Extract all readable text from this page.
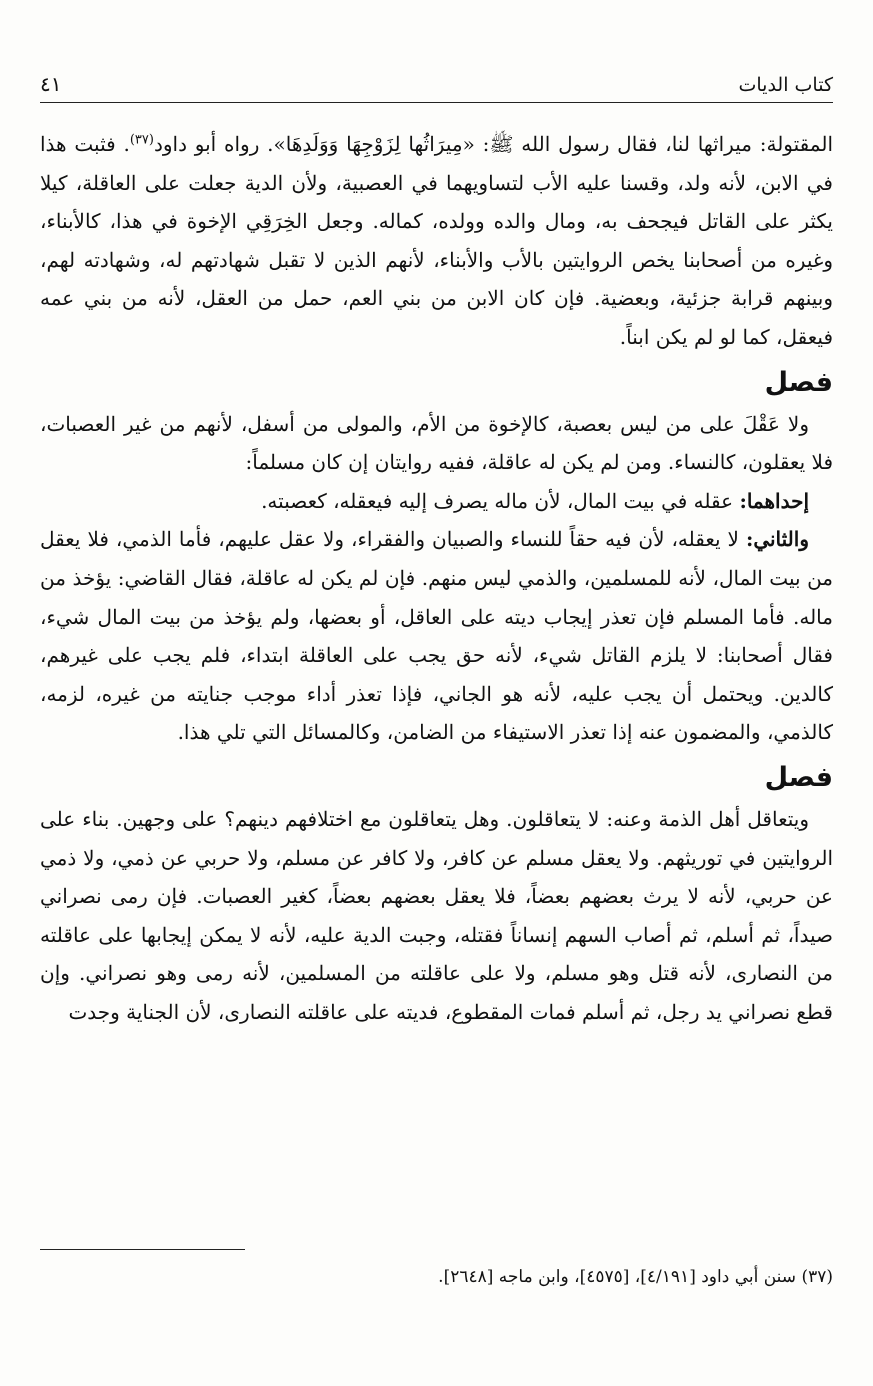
كتاب الديات
٤١

المقتولة: ميراثها لنا، فقال رسول الله ﷺ: «مِيرَاثُها لِزَوْجِهَا وَوَلَدِهَا». رواه أبو داود$^{(٣٧)}$. فثبت هذا في الابن، لأنه ولد، وقسنا عليه الأب لتساويهما في العصبية، ولأن الدية جعلت على العاقلة، كيلا يكثر على القاتل فيجحف به، ومال والده وولده، كماله. وجعل الخِرَقِي الإخوة في هذا، كالأبناء، وغيره من أصحابنا يخص الروايتين بالأب والأبناء، لأنهم الذين لا تقبل شهادتهم له، وشهادته لهم، وبينهم قرابة جزئية، وبعضية. فإن كان الابن من بني العم، حمل من العقل، لأنه من بني عمه فيعقل، كما لو لم يكن ابناً.

فصل

ولا عَقْلَ على من ليس بعصبة، كالإخوة من الأم، والمولى من أسفل، لأنهم من غير العصبات، فلا يعقلون، كالنساء. ومن لم يكن له عاقلة، ففيه روايتان إن كان مسلماً:

إحداهما: عقله في بيت المال، لأن ماله يصرف إليه فيعقله، كعصبته.

والثاني: لا يعقله، لأن فيه حقاً للنساء والصبيان والفقراء، ولا عقل عليهم، فأما الذمي، فلا يعقل من بيت المال، لأنه للمسلمين، والذمي ليس منهم. فإن لم يكن له عاقلة، فقال القاضي: يؤخذ من ماله. فأما المسلم فإن تعذر إيجاب ديته على العاقل، أو بعضها، ولم يؤخذ من بيت المال شيء، فقال أصحابنا: لا يلزم القاتل شيء، لأنه حق يجب على العاقلة ابتداء، فلم يجب على غيرهم، كالدين. ويحتمل أن يجب عليه، لأنه هو الجاني، فإذا تعذر أداء موجب جنايته من غيره، لزمه، كالذمي، والمضمون عنه إذا تعذر الاستيفاء من الضامن، وكالمسائل التي تلي هذا.

فصل

ويتعاقل أهل الذمة وعنه: لا يتعاقلون. وهل يتعاقلون مع اختلافهم دينهم؟ على وجهين. بناء على الروايتين في توريثهم. ولا يعقل مسلم عن كافر، ولا كافر عن مسلم، ولا حربي عن ذمي، ولا ذمي عن حربي، لأنه لا يرث بعضهم بعضاً، فلا يعقل بعضهم بعضاً، كغير العصبات. فإن رمى نصراني صيداً، ثم أسلم، ثم أصاب السهم إنساناً فقتله، وجبت الدية عليه، لأنه لا يمكن إيجابها على عاقلته من النصارى، لأنه قتل وهو مسلم، ولا على عاقلته من المسلمين، لأنه رمى وهو نصراني. وإن قطع نصراني يد رجل، ثم أسلم فمات المقطوع، فديته على عاقلته النصارى، لأن الجناية وجدت

(٣٧) سنن أبي داود [٤/١٩١]، [٤٥٧٥]، وابن ماجه [٢٦٤٨].
